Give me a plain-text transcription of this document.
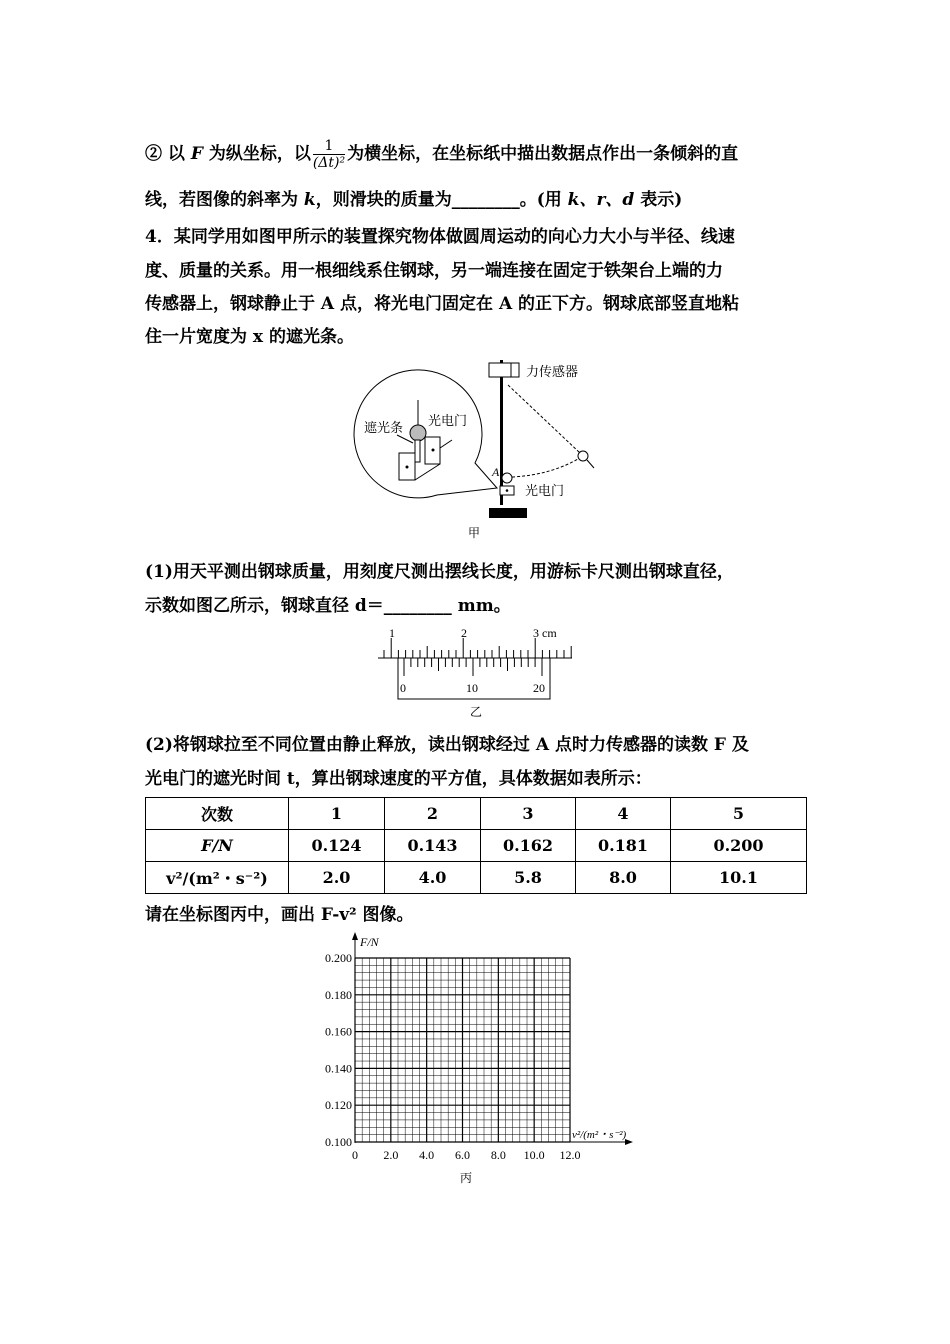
② 以 F 为纵坐标，以 $\frac{1}{\text{(Δt)²}}$ 为横坐标，在坐标纸中描出数据点作出一条倾斜的直
线，若图像的斜率为 k，则滑块的质量为________。(用 k、r、d 表示)
4．某同学用如图甲所示的装置探究物体做圆周运动的向心力大小与半径、线速
度、质量的关系。用一根细线系住钢球，另一端连接在固定于铁架台上端的力
传感器上，钢球静止于 A 点，将光电门固定在 A 的正下方。钢球底部竖直地粘
住一片宽度为 x 的遮光条。
力传感器
A
光电门
遮光条 光电门
甲
(1)用天平测出钢球质量，用刻度尺测出摆线长度，用游标卡尺测出钢球直径，
示数如图乙所示，钢球直径 d＝________ mm。
1	2	3 cm
0	10	20
乙
(2)将钢球拉至不同位置由静止释放，读出钢球经过 A 点时力传感器的读数 F 及
光电门的遮光时间 t，算出钢球速度的平方值，具体数据如表所示：
次数	1	2	3	4	5
F/N	0.124	0.143	0.162	0.181	0.200
v²/(m²・s⁻²)	2.0	4.0	5.8	8.0	10.1
请在坐标图丙中，画出 F-v² 图像。
F/N
v²/(m²・s⁻²)
0 2.0 4.0 6.0 8.0 10.0 12.0
0.100
0.120
0.140
0.160
0.180
0.200
丙
